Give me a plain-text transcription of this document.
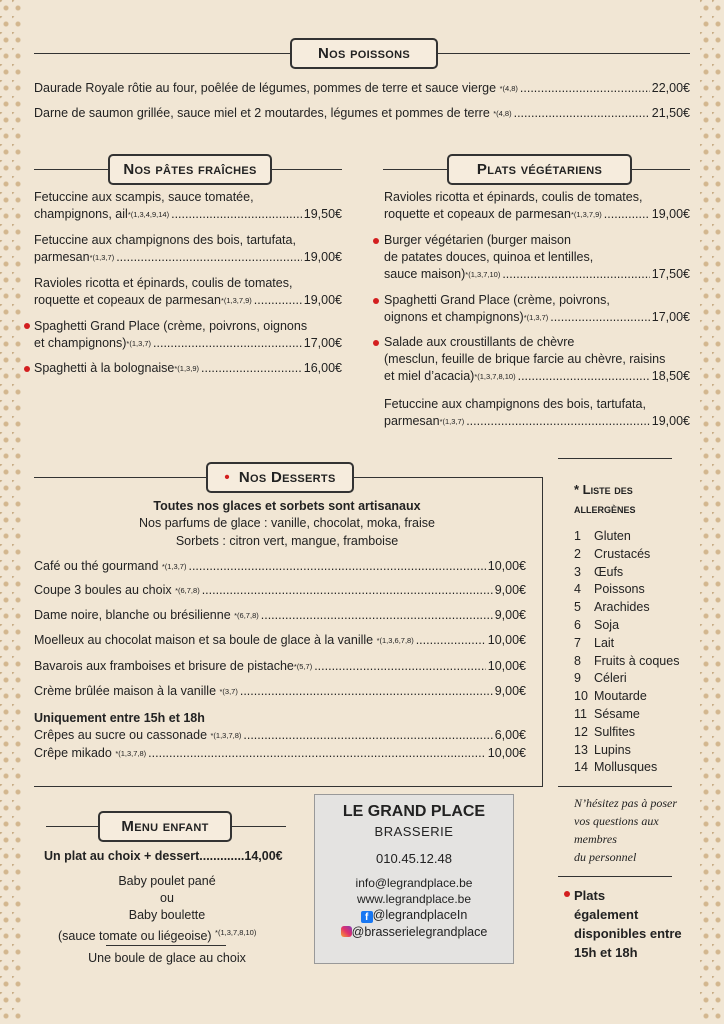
Nos poissons
Daurade Royale rôtie au four, poêlée de légumes, pommes de terre et sauce vierge
*(4,8) .....	22,00€
Darne de saumon grillée, sauce miel et 2 moutardes, légumes et pommes de terre
*(4,8) .....	21,50€
Nos pâtes fraîches
Fetuccine aux scampis, sauce tomatée,
champignons, ail *(1,3,4,9,14) .....	19,50€
Fetuccine aux champignons des bois, tartufata,
parmesan *(1,3,7) .....	19,00€
Ravioles ricotta et épinards, coulis de tomates,
roquette et copeaux de parmesan *(1,3,7,9) .....	19,00€
Spaghetti Grand Place (crème, poivrons, oignons
et champignons) *(1,3,7) .....	17,00€
Spaghetti à la bolognaise *(1,3,9) .....	16,00€
Plats végétariens
Ravioles ricotta et épinards, coulis de tomates,
roquette et copeaux de parmesan *(1,3,7,9) .....	19,00€
Burger végétarien (burger maison
de patates douces, quinoa et lentilles,
sauce maison) *(1,3,7,10) .....	17,50€
Spaghetti Grand Place (crème, poivrons,
oignons et champignons) *(1,3,7) .....	17,00€
Salade aux croustillants de chèvre
(mesclun, feuille de brique farcie au chèvre, raisins
et miel d’acacia) *(1,3,7,8,10) .....	18,50€
Fetuccine aux champignons des bois, tartufata,
parmesan *(1,3,7) .....	19,00€
• Nos Desserts
Toutes nos glaces et sorbets sont artisanaux
Nos parfums de glace : vanille, chocolat, moka, fraise
Sorbets : citron vert, mangue, framboise
Café ou thé gourmand
*(1,3,7) .....	10,00€
Coupe 3 boules au choix
*(6,7,8) .....	9,00€
Dame noire, blanche ou brésilienne
*(6,7,8) .....	9,00€
Moelleux au chocolat maison et sa boule de glace à la vanille
*(1,3,6,7,8) .....	10,00€
Bavarois aux framboises et brisure de pistache *(5,7) .....	10,00€
Crème brûlée maison à la vanille
*(3,7) .....	9,00€
Uniquement entre 15h et 18h
Crêpes au sucre ou cassonade
*(1,3,7,8) .....	6,00€
Crêpe mikado
*(1,3,7,8) .....	10,00€
* Liste des
allergènes
1 Gluten
2 Crustacés
3 Œufs
4 Poissons
5 Arachides
6 Soja
7 Lait
8 Fruits à coques
9 Céleri
10 Moutarde
11 Sésame
12 Sulfites
13 Lupins
14 Mollusques
N’hésitez pas à poser
vos questions aux
membres
du personnel
Plats
également
disponibles entre
15h et 18h
Menu enfant
Un plat au choix + dessert.............14,00€
Baby poulet pané
ou
Baby boulette
(sauce tomate ou liégeoise) $^{*(1,3,7,8,10)}$
Une boule de glace au choix
LE GRAND PLACE
BRASSERIE
010.45.12.48
info@legrandplace.be
www.legrandplace.be
f @legrandplaceIn
@brasserielegrandplace
